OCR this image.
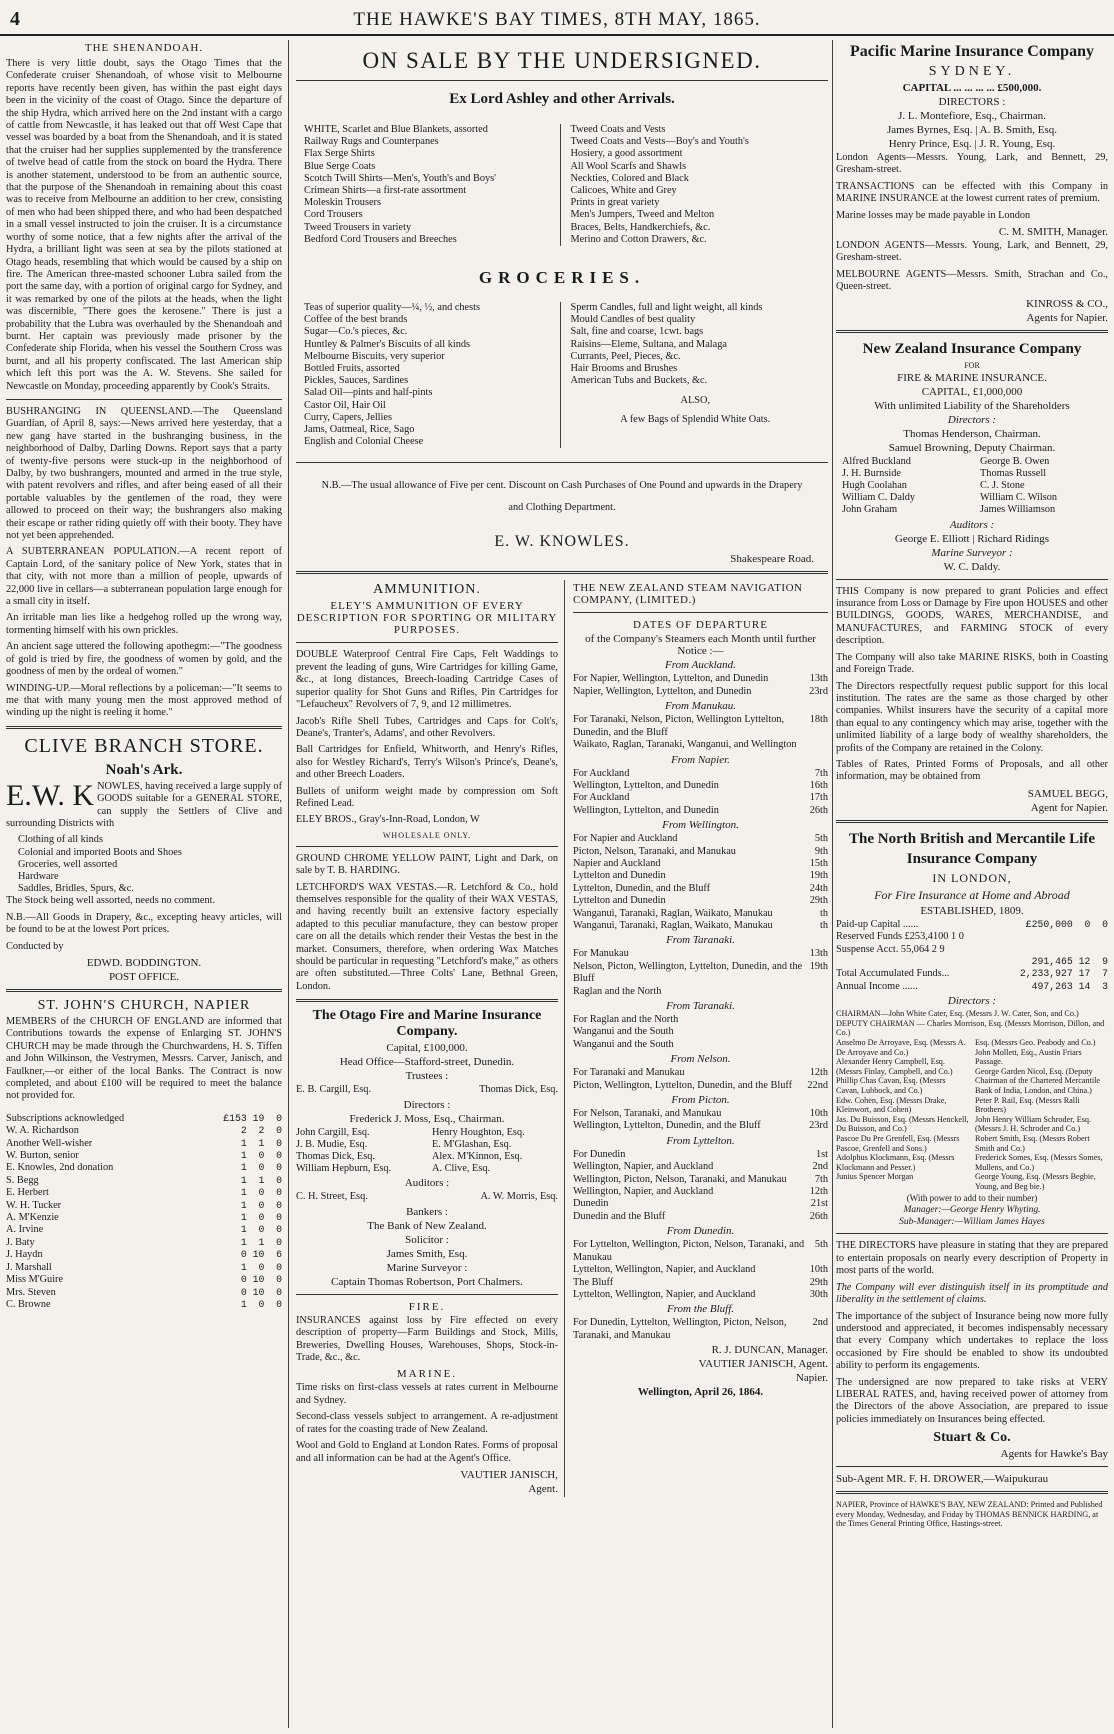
4	THE HAWKE'S BAY TIMES, 8TH MAY, 1865.
THE SHENANDOAH.

There is very little doubt, says the Otago Times that the Confederate cruiser Shenandoah, of whose visit to Melbourne reports have recently been given, has within the past eight days been in the vicinity of the coast of Otago. Since the departure of the ship Hydra, which arrived here on the 2nd instant with a cargo of cattle from Newcastle, it has leaked out that off West Cape that vessel was boarded by a boat from the Shenandoah, and it is stated that the cruiser had her supplies supplemented by the transference of twelve head of cattle from the stock on board the Hydra. There is another statement, understood to be from an authentic source, that the purpose of the Shenandoah in remaining about this coast was to receive from Melbourne an addition to her crew, consisting of men who had been shipped there, and who had been despatched in a small vessel instructed to join the cruiser. It is a circumstance worthy of some notice, that a few nights after the arrival of the Hydra, a brilliant light was seen at sea by the pilots stationed at Otago heads, resembling that which would be caused by a ship on fire. The American three-masted schooner Lubra sailed from the port the same day, with a portion of original cargo for Sydney, and it was remarked by one of the pilots at the heads, when the light was discernible, "There goes the kerosene." There is just a probability that the Lubra was overhauled by the Shenandoah and burnt. Her captain was previously made prisoner by the Confederate ship Florida, when his vessel the Southern Cross was burnt, and all his property confiscated. The last American ship which left this port was the A. W. Stevens. She sailed for Newcastle on Monday, proceeding apparently by Cook's Straits.

BUSHRANGING IN QUEENSLAND.—The Queensland Guardian, of April 8, says:—News arrived here yesterday, that a new gang have started in the bushranging business, in the neighborhood of Dalby, Darling Downs. Report says that a party of twenty-five persons were stuck-up in the neighborhood of Dalby, by two bushrangers, mounted and armed in the true style, with patent revolvers and rifles, and after being eased of all their portable valuables by the gentlemen of the road, they were allowed to proceed on their way; the bushrangers also making their escape or rather riding quietly off with their booty. They have not yet been apprehended.

A SUBTERRANEAN POPULATION.—A recent report of Captain Lord, of the sanitary police of New York, states that in that city, with not more than a million of people, upwards of 22,000 live in cellars—a subterranean population large enough for a small city in itself.

An irritable man lies like a hedgehog rolled up the wrong way, tormenting himself with his own prickles.

An ancient sage uttered the following apothegm:—"The goodness of gold is tried by fire, the goodness of women by gold, and the goodness of men by the ordeal of women."

WINDING-UP.—Moral reflections by a policeman:—"It seems to me that with many young men the most approved method of winding up the night is reeling it home."

CLIVE BRANCH STORE.
Noah's Ark.

E.W. K NOWLES, having received a large supply of GOODS suitable for a GENERAL STORE, can supply the Settlers of Clive and surrounding Districts with

Clothing of all kinds
Colonial and imported Boots and Shoes
Groceries, well assorted
Hardware
Saddles, Bridles, Spurs, &c.

The Stock being well assorted, needs no comment.

N.B.—All Goods in Drapery, &c., excepting heavy articles, will be found to be at the lowest Port prices.

Conducted by

EDWD. BODDINGTON.
POST OFFICE.
ST. JOHN'S CHURCH, NAPIER

MEMBERS of the CHURCH OF ENGLAND are informed that Contributions towards the expense of Enlarging ST. JOHN'S CHURCH may be made through the Churchwardens, H. S. Tiffen and John Wilkinson, the Vestrymen, Messrs. Carver, Janisch, and Faulkner,—or either of the local Banks. The Contract is now completed, and about £100 will be required to meet the balance not provided for.

Subscriptions acknowledged	£153 19  0
W. A. Richardson	2  2  0
Another Well-wisher	1  1  0
W. Burton, senior	1  0  0
E. Knowles, 2nd donation	1  0  0
S. Begg	1  1  0
E. Herbert	1  0  0
W. H. Tucker	1  0  0
A. M'Kenzie	1  0  0
A. Irvine	1  0  0
J. Baty	1  1  0
J. Haydn	0 10  6
J. Marshall	1  0  0
Miss M'Guire	0 10  0
Mrs. Steven	0 10  0
C. Browne	1  0  0
ON SALE BY THE UNDERSIGNED.
Ex Lord Ashley and other Arrivals.
WHITE, Scarlet and Blue Blankets, assorted
Railway Rugs and Counterpanes
Flax Serge Shirts
Blue Serge Coats
Scotch Twill Shirts—Men's, Youth's and Boys'
Crimean Shirts—a first-rate assortment
Moleskin Trousers
Cord Trousers
Tweed Trousers in variety
Bedford Cord Trousers and Breeches
Tweed Coats and Vests
Tweed Coats and Vests—Boy's and Youth's
Hosiery, a good assortment
All Wool Scarfs and Shawls
Neckties, Colored and Black
Calicoes, White and Grey
Prints in great variety
Men's Jumpers, Tweed and Melton
Braces, Belts, Handkerchiefs, &c.
Merino and Cotton Drawers, &c.
GROCERIES.
Teas of superior quality—¼, ½, and chests
Coffee of the best brands
Sugar—Co.'s pieces, &c.
Huntley & Palmer's Biscuits of all kinds
Melbourne Biscuits, very superior
Bottled Fruits, assorted
Pickles, Sauces, Sardines
Salad Oil—pints and half-pints
Castor Oil, Hair Oil
Curry, Capers, Jellies
Jams, Oatmeal, Rice, Sago
English and Colonial Cheese
Sperm Candles, full and light weight, all kinds
Mould Candles of best quality
Salt, fine and coarse, 1cwt. bags
Raisins—Eleme, Sultana, and Malaga
Currants, Peel, Pieces, &c.
Hair Brooms and Brushes
American Tubs and Buckets, &c.
ALSO,
A few Bags of Splendid White Oats.

N.B.—The usual allowance of Five per cent. Discount on Cash Purchases of One Pound and upwards in the Drapery and Clothing Department.

E. W. KNOWLES.
Shakespeare Road.
AMMUNITION.
ELEY'S AMMUNITION OF EVERY DESCRIPTION FOR SPORTING OR MILITARY PURPOSES.

DOUBLE Waterproof Central Fire Caps, Felt Waddings to prevent the leading of guns, Wire Cartridges for killing Game, &c., at long distances, Breech-loading Cartridge Cases of superior quality for Shot Guns and Rifles, Pin Cartridges for "Lefaucheux" Revolvers of 7, 9, and 12 millimetres.

Jacob's Rifle Shell Tubes, Cartridges and Caps for Colt's, Deane's, Tranter's, Adams', and other Revolvers.

Ball Cartridges for Enfield, Whitworth, and Henry's Rifles, also for Westley Richard's, Terry's Wilson's Prince's, Deane's, and other Breech Loaders.

Bullets of uniform weight made by compression om Soft Refined Lead.

ELEY BROS., Gray's-Inn-Road, London, W

WHOLESALE ONLY.

GROUND CHROME YELLOW PAINT, Light and Dark, on sale by T. B. HARDING.

LETCHFORD'S WAX VESTAS.—R. Letchford & Co., hold themselves responsible for the quality of their WAX VESTAS, and having recently built an extensive factory especially adapted to this peculiar manufacture, they can bestow proper care on all the details which render their Vestas the best in the market. Consumers, therefore, when ordering Wax Matches should be particular in requesting "Letchford's make," as others are often substituted.—Three Colts' Lane, Bethnal Green, London.

The Otago Fire and Marine Insurance Company.
Capital, £100,000.
Head Office—Stafford-street, Dunedin.
Trustees :
E. B. Cargill, Esq.	Thomas Dick, Esq.
Directors :
Frederick J. Moss, Esq., Chairman.
John Cargill, Esq.
J. B. Mudie, Esq.
Thomas Dick, Esq.
William Hepburn, Esq.
Henry Houghton, Esq.
E. M'Glashan, Esq.
Alex. M'Kinnon, Esq.
A. Clive, Esq.
Auditors :
C. H. Street, Esq.	A. W. Morris, Esq.
Bankers :
The Bank of New Zealand.
Solicitor :
James Smith, Esq.
Marine Surveyor :
Captain Thomas Robertson, Port Chalmers.
FIRE.

INSURANCES against loss by Fire effected on every description of property—Farm Buildings and Stock, Mills, Breweries, Dwelling Houses, Warehouses, Shops, Stock-in-Trade, &c., &c.

MARINE.

Time risks on first-class vessels at rates current in Melbourne and Sydney.

Second-class vessels subject to arrangement. A re-adjustment of rates for the coasting trade of New Zealand.

Wool and Gold to England at London Rates. Forms of proposal and all information can be had at the Agent's Office.

VAUTIER JANISCH,
Agent.
THE NEW ZEALAND STEAM NAVIGATION COMPANY, (LIMITED.)
DATES OF DEPARTURE
of the Company's Steamers each Month until further Notice :—
From Auckland.
For Napier, Wellington, Lyttelton, and Dunedin	13th
Napier, Wellington, Lyttelton, and Dunedin	23rd
From Manukau.
For Taranaki, Nelson, Picton, Wellington Lyttelton, Dunedin, and the Bluff
18th
Waikato, Raglan, Taranaki, Wanganui, and Wellington
From Napier.
For Auckland	7th
Wellington, Lyttelton, and Dunedin	16th
For Auckland	17th
Wellington, Lyttelton, and Dunedin	26th
From Wellington.
For Napier and Auckland	5th
Picton, Nelson, Taranaki, and Manukau	9th
Napier and Auckland	15th
Lyttelton and Dunedin	19th
Lyttelton, Dunedin, and the Bluff	24th
Lyttelton and Dunedin	29th
Wanganui, Taranaki, Raglan, Waikato, Manukau	th
Wanganui, Taranaki, Raglan, Waikato, Manukau	th
From Taranaki.
For Manukau	13th
Nelson, Picton, Wellington, Lyttelton, Dunedin, and the Bluff
19th
Raglan and the North
From Taranaki.
For Raglan and the North
Wanganui and the South
Wanganui and the South
From Nelson.
For Taranaki and Manukau	12th
Picton, Wellington, Lyttelton, Dunedin, and the Bluff	22nd
From Picton.
For Nelson, Taranaki, and Manukau	10th
Wellington, Lyttelton, Dunedin, and the Bluff	23rd
From Lyttelton.
For Dunedin	1st
Wellington, Napier, and Auckland	2nd
Wellington, Picton, Nelson, Taranaki, and Manukau	7th
Wellington, Napier, and Auckland	12th
Dunedin	21st
Dunedin and the Bluff	26th
From Dunedin.
For Lyttelton, Wellington, Picton, Nelson, Taranaki, and Manukau
5th
Lyttelton, Wellington, Napier, and Auckland	10th
The Bluff	29th
Lyttelton, Wellington, Napier, and Auckland	30th
From the Bluff.
For Dunedin, Lyttelton, Wellington, Picton, Nelson, Taranaki, and Manukau
2nd
R. J. DUNCAN, Manager.
VAUTIER JANISCH, Agent.
Napier.
Wellington, April 26, 1864.
Pacific Marine Insurance Company
SYDNEY.
CAPITAL ... ... ... ... £500,000.
DIRECTORS :
J. L. Montefiore, Esq., Chairman.
James Byrnes, Esq. | A. B. Smith, Esq.
Henry Prince, Esq. | J. R. Young, Esq.

London Agents—Messrs. Young, Lark, and Bennett, 29, Gresham-street.

TRANSACTIONS can be effected with this Company in MARINE INSURANCE at the lowest current rates of premium.

Marine losses may be made payable in London

C. M. SMITH, Manager.

LONDON AGENTS—Messrs. Young, Lark, and Bennett, 29, Gresham-street.

MELBOURNE AGENTS—Messrs. Smith, Strachan and Co., Queen-street.

KINROSS & CO.,
Agents for Napier.
New Zealand Insurance Company
FOR
FIRE & MARINE INSURANCE.
CAPITAL, £1,000,000
With unlimited Liability of the Shareholders
Directors :
Thomas Henderson, Chairman.
Samuel Browning, Deputy Chairman.
Alfred Buckland
J. H. Burnside
Hugh Coolahan
William C. Daldy
John Graham
George B. Owen
Thomas Russell
C. J. Stone
William C. Wilson
James Williamson
Auditors :
George E. Elliott | Richard Ridings
Marine Surveyor :
W. C. Daldy.

THIS Company is now prepared to grant Policies and effect insurance from Loss or Damage by Fire upon HOUSES and other BUILDINGS, GOODS, WARES, MERCHANDISE, and MANUFACTURES, and FARMING STOCK of every description.

The Company will also take MARINE RISKS, both in Coasting and Foreign Trade.

The Directors respectfully request public support for this local institution. The rates are the same as those charged by other companies. Whilst insurers have the security of a capital more than equal to any contingency which may arise, together with the unlimited liability of a large body of wealthy shareholders, the profits of the Company are retained in the Colony.

Tables of Rates, Printed Forms of Proposals, and all other information, may be obtained from

SAMUEL BEGG,
Agent for Napier.
The North British and Mercantile Life Insurance Company
IN LONDON,
For Fire Insurance at Home and Abroad
ESTABLISHED, 1809.
Paid-up Capital ......	£250,000  0  0
Reserved Funds £253,4100 1 0
Suspense Acct. 55,064 2 9
291,465 12  9
Total Accumulated Funds...	2,233,927 17  7
Annual Income ......	497,263 14  3
Directors :
CHAIRMAN—John White Cater, Esq. (Messrs J. W. Cater, Son, and Co.)
DEPUTY CHAIRMAN — Charles Morrison, Esq. (Messrs Morrison, Dillon, and Co.)
Anselmo De Arroyave, Esq. (Messrs A. De Arroyave and Co.)
Alexander Henry Campbell, Esq. (Messrs Finlay, Campbell, and Co.)
Phillip Chas Cavan, Esq. (Messrs Cavan, Lubbock, and Co.)
Edw. Cohen, Esq. (Messrs Drake, Kleinwort, and Cohen)
Jas. Du Buisson, Esq. (Messrs Henckell, Du Buisson, and Co.)
Pascoe Du Pre Grenfell, Esq. (Messrs Pascoe, Grenfell and Sons.)
Adolphus Klockmann, Esq. (Messrs Klockmann and Pesser.)
Junius Spencer Morgan
Esq. (Messrs Geo. Peabody and Co.)
John Mollett, Esq., Austin Friars Passage.
George Garden Nicol, Esq. (Deputy Chairman of the Chartered Mercantile Bank of India, London, and China.)
Peter P. Rail, Esq. (Messrs Ralli Brothers)
John Henry William Schroder, Esq. (Messrs J. H. Schroder and Co.)
Robert Smith, Esq. (Messrs Robert Smith and Co.)
Frederick Somes, Esq. (Messrs Somes, Mullens, and Co.)
George Young, Esq. (Messrs Begbie, Young, and Beg bie.)
(With power to add to their number)
Manager:—George Henry Whyting.
Sub-Manager:—William James Hayes

THE DIRECTORS have pleasure in stating that they are prepared to entertain proposals on nearly every description of Property in most parts of the world.

The Company will ever distinguish itself in its promptitude and liberality in the settlement of claims.

The importance of the subject of Insurance being now more fully understood and appreciated, it becomes indispensably necessary that every Company which undertakes to replace the loss occasioned by Fire should be enabled to show its undoubted ability to perform its engagements.

The undersigned are now prepared to take risks at VERY LIBERAL RATES, and, having received power of attorney from the Directors of the above Association, are prepared to issue policies immediately on Insurances being effected.

Stuart & Co.
Agents for Hawke's Bay
Sub-Agent MR. F. H. DROWER,—Waipukurau
NAPIER, Province of HAWKE'S BAY, NEW ZEALAND: Printed and Published every Monday, Wednesday, and Friday by THOMAS BENNICK HARDING, at the Times General Printing Office, Hastings-street.
